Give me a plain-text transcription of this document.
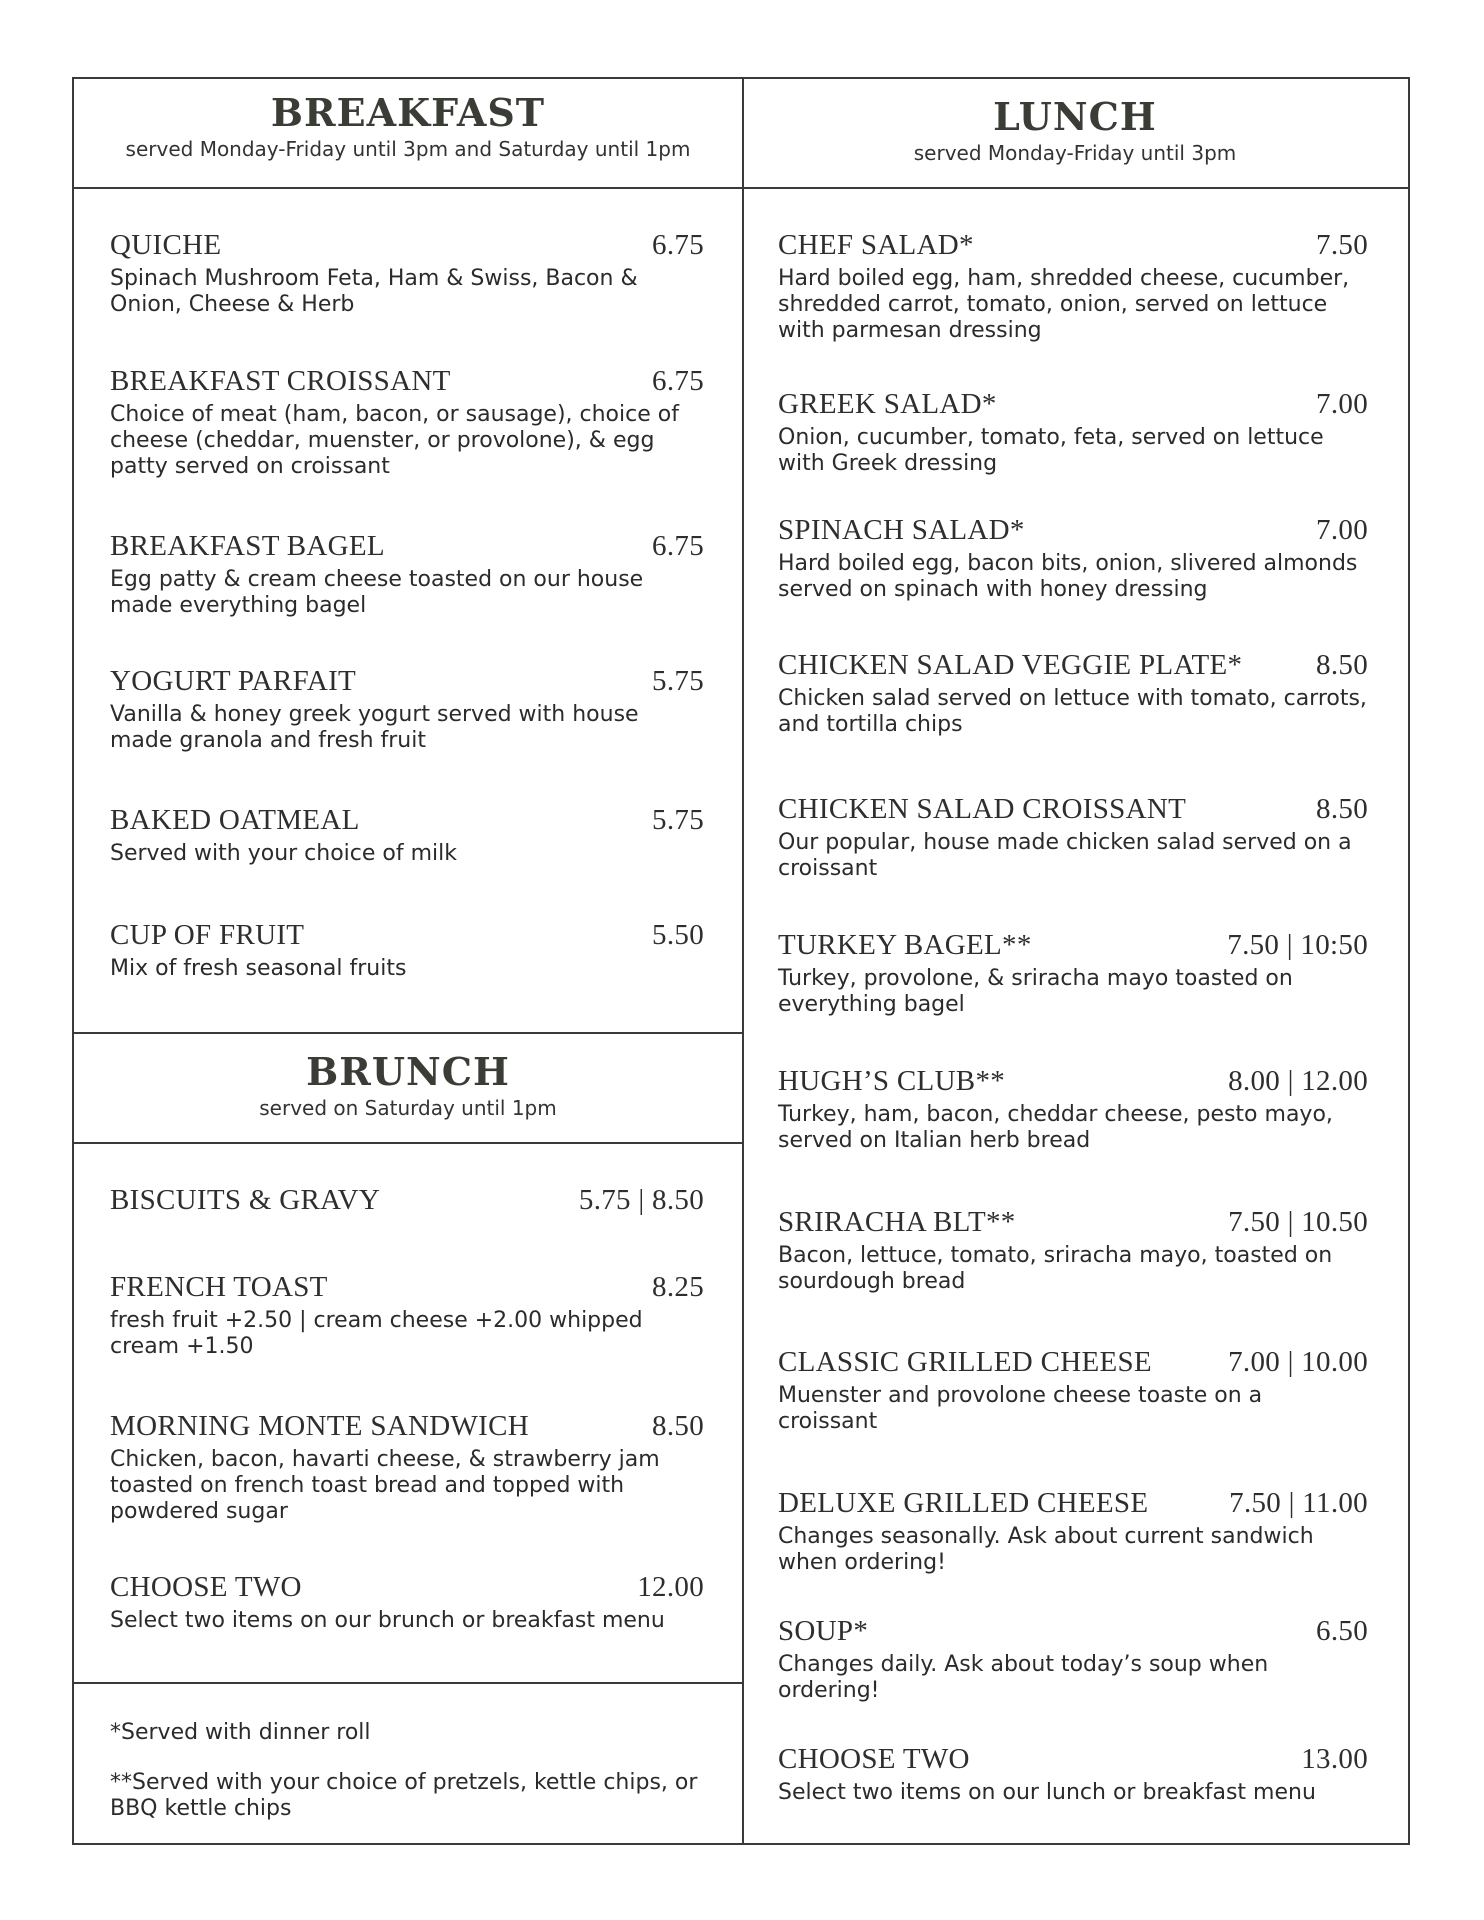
BREAKFAST
served Monday-Friday until 3pm and Saturday until 1pm
QUICHE	6.75
Spinach Mushroom Feta, Ham & Swiss, Bacon & Onion, Cheese & Herb
BREAKFAST CROISSANT	6.75
Choice of meat (ham, bacon, or sausage), choice of cheese (cheddar, muenster, or provolone), & egg patty served on croissant
BREAKFAST BAGEL	6.75
Egg patty & cream cheese toasted on our house made everything bagel
YOGURT PARFAIT	5.75
Vanilla & honey greek yogurt served with house made granola and fresh fruit
BAKED OATMEAL	5.75
Served with your choice of milk
CUP OF FRUIT	5.50
Mix of fresh seasonal fruits
BRUNCH
served on Saturday until 1pm
BISCUITS & GRAVY	5.75 | 8.50
FRENCH TOAST	8.25
fresh fruit +2.50 | cream cheese +2.00 whipped cream +1.50
MORNING MONTE SANDWICH	8.50
Chicken, bacon, havarti cheese, & strawberry jam toasted on french toast bread and topped with powdered sugar
CHOOSE TWO	12.00
Select two items on our brunch or breakfast menu
*Served with dinner roll
**Served with your choice of pretzels, kettle chips, or BBQ kettle chips
LUNCH
served Monday-Friday until 3pm
CHEF SALAD*	7.50
Hard boiled egg, ham, shredded cheese, cucumber, shredded carrot, tomato, onion, served on lettuce with parmesan dressing
GREEK SALAD*	7.00
Onion, cucumber, tomato, feta, served on lettuce with Greek dressing
SPINACH SALAD*	7.00
Hard boiled egg, bacon bits, onion, slivered almonds served on spinach with honey dressing
CHICKEN SALAD VEGGIE PLATE*	8.50
Chicken salad served on lettuce with tomato, carrots, and tortilla chips
CHICKEN SALAD CROISSANT	8.50
Our popular, house made chicken salad served on a croissant
TURKEY BAGEL**	7.50 | 10:50
Turkey, provolone, & sriracha mayo toasted on everything bagel
HUGH’S CLUB**	8.00 | 12.00
Turkey, ham, bacon, cheddar cheese, pesto mayo, served on Italian herb bread
SRIRACHA BLT**	7.50 | 10.50
Bacon, lettuce, tomato, sriracha mayo, toasted on sourdough bread
CLASSIC GRILLED CHEESE	7.00 | 10.00
Muenster and provolone cheese toaste on a croissant
DELUXE GRILLED CHEESE	7.50 | 11.00
Changes seasonally. Ask about current sandwich when ordering!
SOUP*	6.50
Changes daily. Ask about today’s soup when ordering!
CHOOSE TWO	13.00
Select two items on our lunch or breakfast menu
